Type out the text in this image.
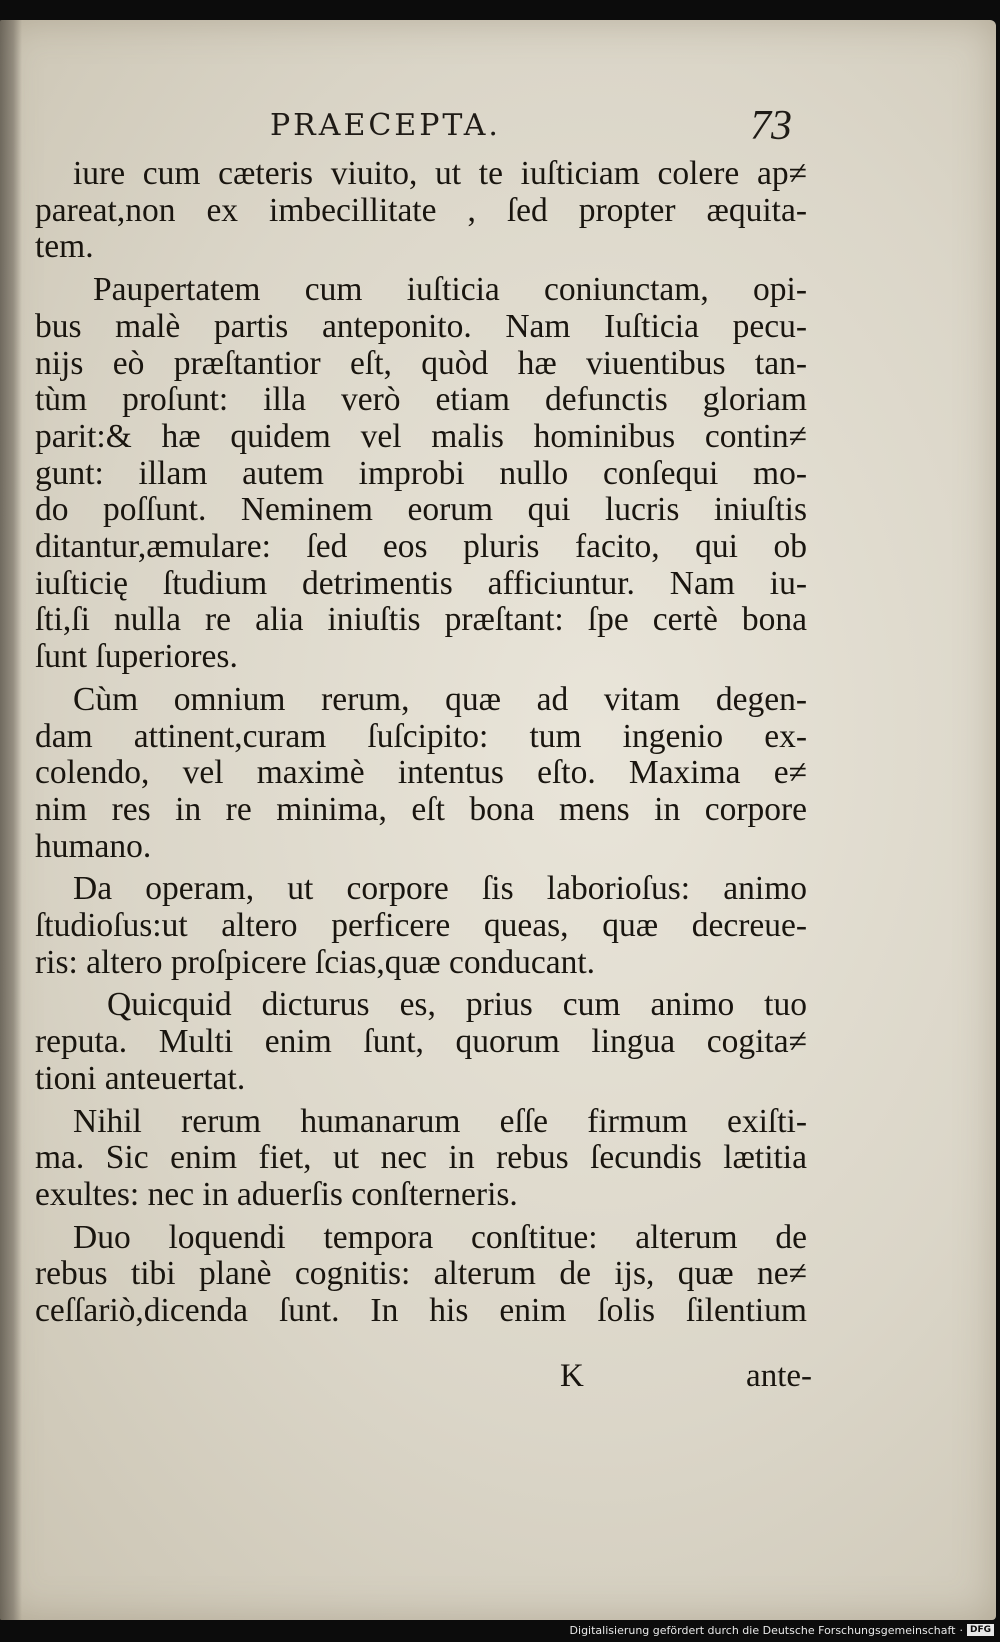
PRAECEPTA.	73
iure cum cæteris viuito, ut te iuſticiam colere ap≠
pareat,non ex imbecillitate , ſed propter æquita-
tem.
Paupertatem cum iuſticia coniunctam, opi-
bus malè partis anteponito. Nam Iuſticia pecu-
nijs eò præſtantior eſt, quòd hæ viuentibus tan-
tùm proſunt: illa verò etiam defunctis gloriam
parit:& hæ quidem vel malis hominibus contin≠
gunt: illam autem improbi nullo conſequi mo-
do poſſunt. Neminem eorum qui lucris iniuſtis
ditantur,æmulare: ſed eos pluris facito, qui ob
iuſticię ſtudium detrimentis afficiuntur. Nam iu-
ſti,ſi nulla re alia iniuſtis præſtant: ſpe certè bona
ſunt ſuperiores.
Cùm omnium rerum, quæ ad vitam degen-
dam attinent,curam ſuſcipito: tum ingenio ex-
colendo, vel maximè intentus eſto. Maxima e≠
nim res in re minima, eſt bona mens in corpore
humano.
Da operam, ut corpore ſis laborioſus: animo
ſtudioſus:ut altero perficere queas, quæ decreue-
ris: altero proſpicere ſcias,quæ conducant.
Quicquid dicturus es, prius cum animo tuo
reputa. Multi enim ſunt, quorum lingua cogita≠
tioni anteuertat.
Nihil rerum humanarum eſſe firmum exiſti-
ma. Sic enim fiet, ut nec in rebus ſecundis lætitia
exultes: nec in aduerſis conſterneris.
Duo loquendi tempora conſtitue: alterum de
rebus tibi planè cognitis: alterum de ijs, quæ ne≠
ceſſariò,dicenda ſunt. In his enim ſolis ſilentium
K	ante-
Digitalisierung gefördert durch die Deutsche Forschungsgemeinschaft · DFG
